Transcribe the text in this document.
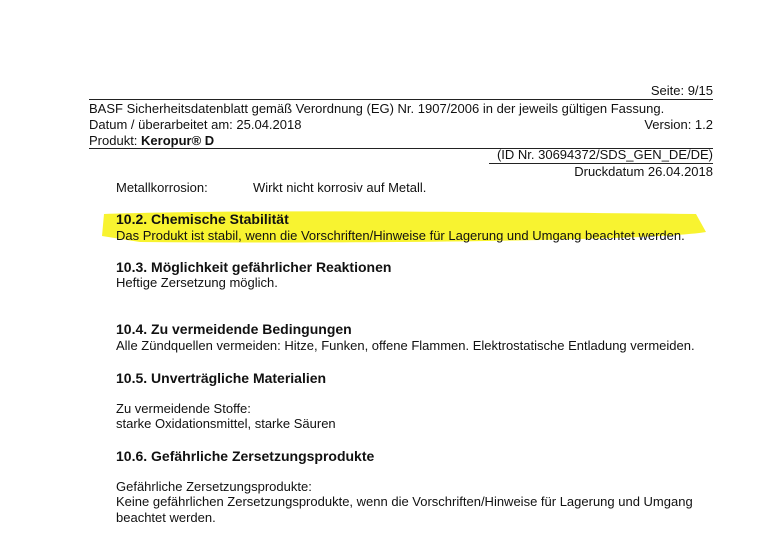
Seite: 9/15
BASF Sicherheitsdatenblatt gemäß Verordnung (EG) Nr. 1907/2006 in der jeweils gültigen Fassung.
Datum / überarbeitet am: 25.04.2018	Version: 1.2
Produkt: Keropur® D
(ID Nr. 30694372/SDS_GEN_DE/DE)
Druckdatum 26.04.2018
Metallkorrosion:	Wirkt nicht korrosiv auf Metall.
10.2. Chemische Stabilität
Das Produkt ist stabil, wenn die Vorschriften/Hinweise für Lagerung und Umgang beachtet werden.
10.3. Möglichkeit gefährlicher Reaktionen
Heftige Zersetzung möglich.
10.4. Zu vermeidende Bedingungen
Alle Zündquellen vermeiden: Hitze, Funken, offene Flammen. Elektrostatische Entladung vermeiden.
10.5. Unverträgliche Materialien
Zu vermeidende Stoffe:
starke Oxidationsmittel, starke Säuren
10.6. Gefährliche Zersetzungsprodukte
Gefährliche Zersetzungsprodukte:
Keine gefährlichen Zersetzungsprodukte, wenn die Vorschriften/Hinweise für Lagerung und Umgang
beachtet werden.
